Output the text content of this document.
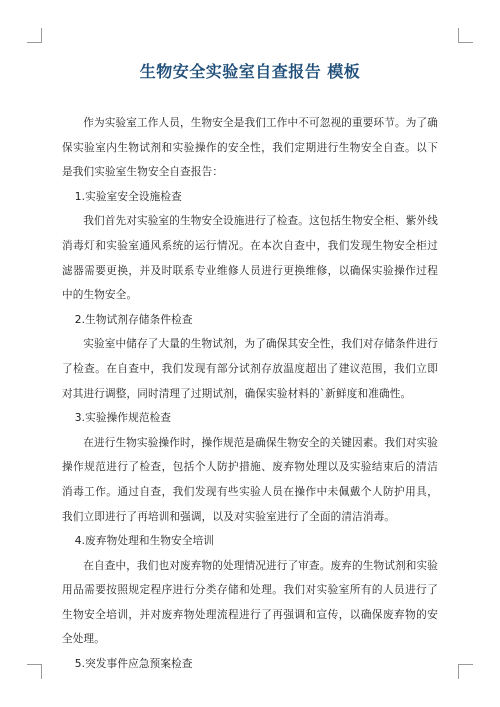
生物安全实验室自查报告 模板

作为实验室工作人员，生物安全是我们工作中不可忽视的重要环节。为了确保实验室内生物试剂和实验操作的安全性，我们定期进行生物安全自查。以下是我们实验室生物安全自查报告：

1.实验室安全设施检查

我们首先对实验室的生物安全设施进行了检查。这包括生物安全柜、紫外线消毒灯和实验室通风系统的运行情况。在本次自查中，我们发现生物安全柜过滤器需要更换，并及时联系专业维修人员进行更换维修，以确保实验操作过程中的生物安全。

2.生物试剂存储条件检查

实验室中储存了大量的生物试剂，为了确保其安全性，我们对存储条件进行了检查。在自查中，我们发现有部分试剂存放温度超出了建议范围，我们立即对其进行调整，同时清理了过期试剂，确保实验材料的`新鲜度和准确性。

3.实验操作规范检查

在进行生物实验操作时，操作规范是确保生物安全的关键因素。我们对实验操作规范进行了检查，包括个人防护措施、废弃物处理以及实验结束后的清洁消毒工作。通过自查，我们发现有些实验人员在操作中未佩戴个人防护用具，我们立即进行了再培训和强调，以及对实验室进行了全面的清洁消毒。

4.废弃物处理和生物安全培训

在自查中，我们也对废弃物的处理情况进行了审查。废弃的生物试剂和实验用品需要按照规定程序进行分类存储和处理。我们对实验室所有的人员进行了生物安全培训，并对废弃物处理流程进行了再强调和宣传，以确保废弃物的安全处理。

5.突发事件应急预案检查
